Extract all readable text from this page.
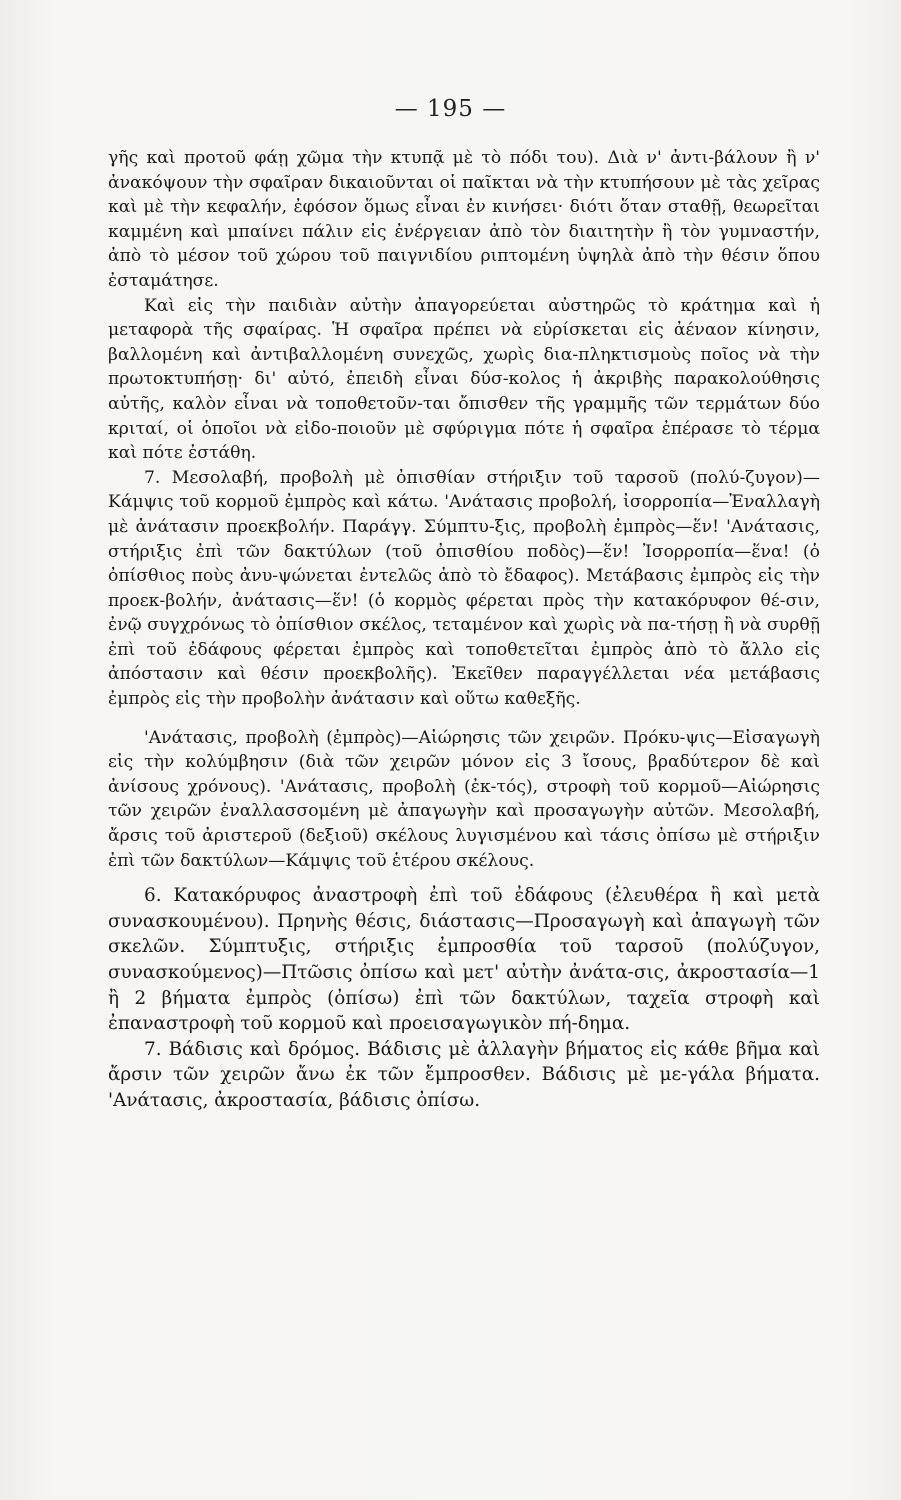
— 195 —

γῆς καὶ προτοῦ φάῃ χῶμα τὴν κτυπᾷ μὲ τὸ πόδι του). Διὰ ν' ἀντι-βάλουν ἢ ν' ἀνακόψουν τὴν σφαῖραν δικαιοῦνται οἱ παῖκται νὰ τὴν κτυπήσουν μὲ τὰς χεῖρας καὶ μὲ τὴν κεφαλήν, ἐφόσον ὅμως εἶναι ἐν κινήσει· διότι ὅταν σταθῇ, θεωρεῖται καμμένη καὶ μπαίνει πάλιν εἰς ἐνέργειαν ἀπὸ τὸν διαιτητὴν ἢ τὸν γυμναστήν, ἀπὸ τὸ μέσον τοῦ χώρου τοῦ παιγνιδίου ριπτομένη ὑψηλὰ ἀπὸ τὴν θέσιν ὅπου ἐσταμάτησε.

Καὶ εἰς τὴν παιδιὰν αὐτὴν ἀπαγορεύεται αὐστηρῶς τὸ κράτημα καὶ ἡ μεταφορὰ τῆς σφαίρας. Ἡ σφαῖρα πρέπει νὰ εὑρίσκεται εἰς ἀέναον κίνησιν, βαλλομένη καὶ ἀντιβαλλομένη συνεχῶς, χωρὶς δια-πληκτισμοὺς ποῖος νὰ τὴν πρωτοκτυπήσῃ· δι' αὐτό, ἐπειδὴ εἶναι δύσ-κολος ἡ ἀκριβὴς παρακολούθησις αὐτῆς, καλὸν εἶναι νὰ τοποθετοῦν-ται ὄπισθεν τῆς γραμμῆς τῶν τερμάτων δύο κριταί, οἱ ὁποῖοι νὰ εἰδο-ποιοῦν μὲ σφύριγμα πότε ἡ σφαῖρα ἐπέρασε τὸ τέρμα καὶ πότε ἐστάθη.

7. Μεσολαβή, προβολὴ μὲ ὀπισθίαν στήριξιν τοῦ ταρσοῦ (πολύ-ζυγον)—Κάμψις τοῦ κορμοῦ ἐμπρὸς καὶ κάτω. 'Ανάτασις προβολή, ἰσορροπία—Ἐναλλαγὴ μὲ ἀνάτασιν προεκβολήν. Παράγγ. Σύμπτυ-ξις, προβολὴ ἐμπρὸς—ἕν! 'Ανάτασις, στήριξις ἐπὶ τῶν δακτύλων (τοῦ ὀπισθίου ποδὸς)—ἕν! Ἰσορροπία—ἕνα! (ὁ ὀπίσθιος ποὺς ἀνυ-ψώνεται ἐντελῶς ἀπὸ τὸ ἔδαφος). Μετάβασις ἐμπρὸς εἰς τὴν προεκ-βολήν, ἀνάτασις—ἕν! (ὁ κορμὸς φέρεται πρὸς τὴν κατακόρυφον θέ-σιν, ἐνῷ συγχρόνως τὸ ὀπίσθιον σκέλος, τεταμένον καὶ χωρὶς νὰ πα-τήσῃ ἢ νὰ συρθῇ ἐπὶ τοῦ ἐδάφους φέρεται ἐμπρὸς καὶ τοποθετεῖται ἐμπρὸς ἀπὸ τὸ ἄλλο εἰς ἀπόστασιν καὶ θέσιν προεκβολῆς). Ἐκεῖθεν παραγγέλλεται νέα μετάβασις ἐμπρὸς εἰς τὴν προβολὴν ἀνάτασιν καὶ οὕτω καθεξῆς.

'Ανάτασις, προβολὴ (ἐμπρὸς)—Αἰώρησις τῶν χειρῶν. Πρόκυ-ψις—Εἰσαγωγὴ εἰς τὴν κολύμβησιν (διὰ τῶν χειρῶν μόνον εἰς 3 ἴσους, βραδύτερον δὲ καὶ ἀνίσους χρόνους). 'Ανάτασις, προβολὴ (ἐκ-τός), στροφὴ τοῦ κορμοῦ—Αἰώρησις τῶν χειρῶν ἐναλλασσομένη μὲ ἀπαγωγὴν καὶ προσαγωγὴν αὐτῶν. Μεσολαβή, ἄρσις τοῦ ἀριστεροῦ (δεξιοῦ) σκέλους λυγισμένου καὶ τάσις ὀπίσω μὲ στήριξιν ἐπὶ τῶν δακτύλων—Κάμψις τοῦ ἑτέρου σκέλους.

6. Κατακόρυφος ἀναστροφὴ ἐπὶ τοῦ ἐδάφους (ἐλευθέρα ἢ καὶ μετὰ συνασκουμένου). Πρηνὴς θέσις, διάστασις—Προσαγωγὴ καὶ ἀπαγωγὴ τῶν σκελῶν. Σύμπτυξις, στήριξις ἐμπροσθία τοῦ ταρσοῦ (πολύζυγον, συνασκούμενος)—Πτῶσις ὀπίσω καὶ μετ' αὐτὴν ἀνάτα-σις, ἀκροστασία—1 ἢ 2 βήματα ἐμπρὸς (ὀπίσω) ἐπὶ τῶν δακτύλων, ταχεῖα στροφὴ καὶ ἐπαναστροφὴ τοῦ κορμοῦ καὶ προεισαγωγικὸν πή-δημα.

7. Βάδισις καὶ δρόμος. Βάδισις μὲ ἀλλαγὴν βήματος εἰς κάθε βῆμα καὶ ἄρσιν τῶν χειρῶν ἄνω ἐκ τῶν ἔμπροσθεν. Βάδισις μὲ με-γάλα βήματα. 'Ανάτασις, ἀκροστασία, βάδισις ὀπίσω.
